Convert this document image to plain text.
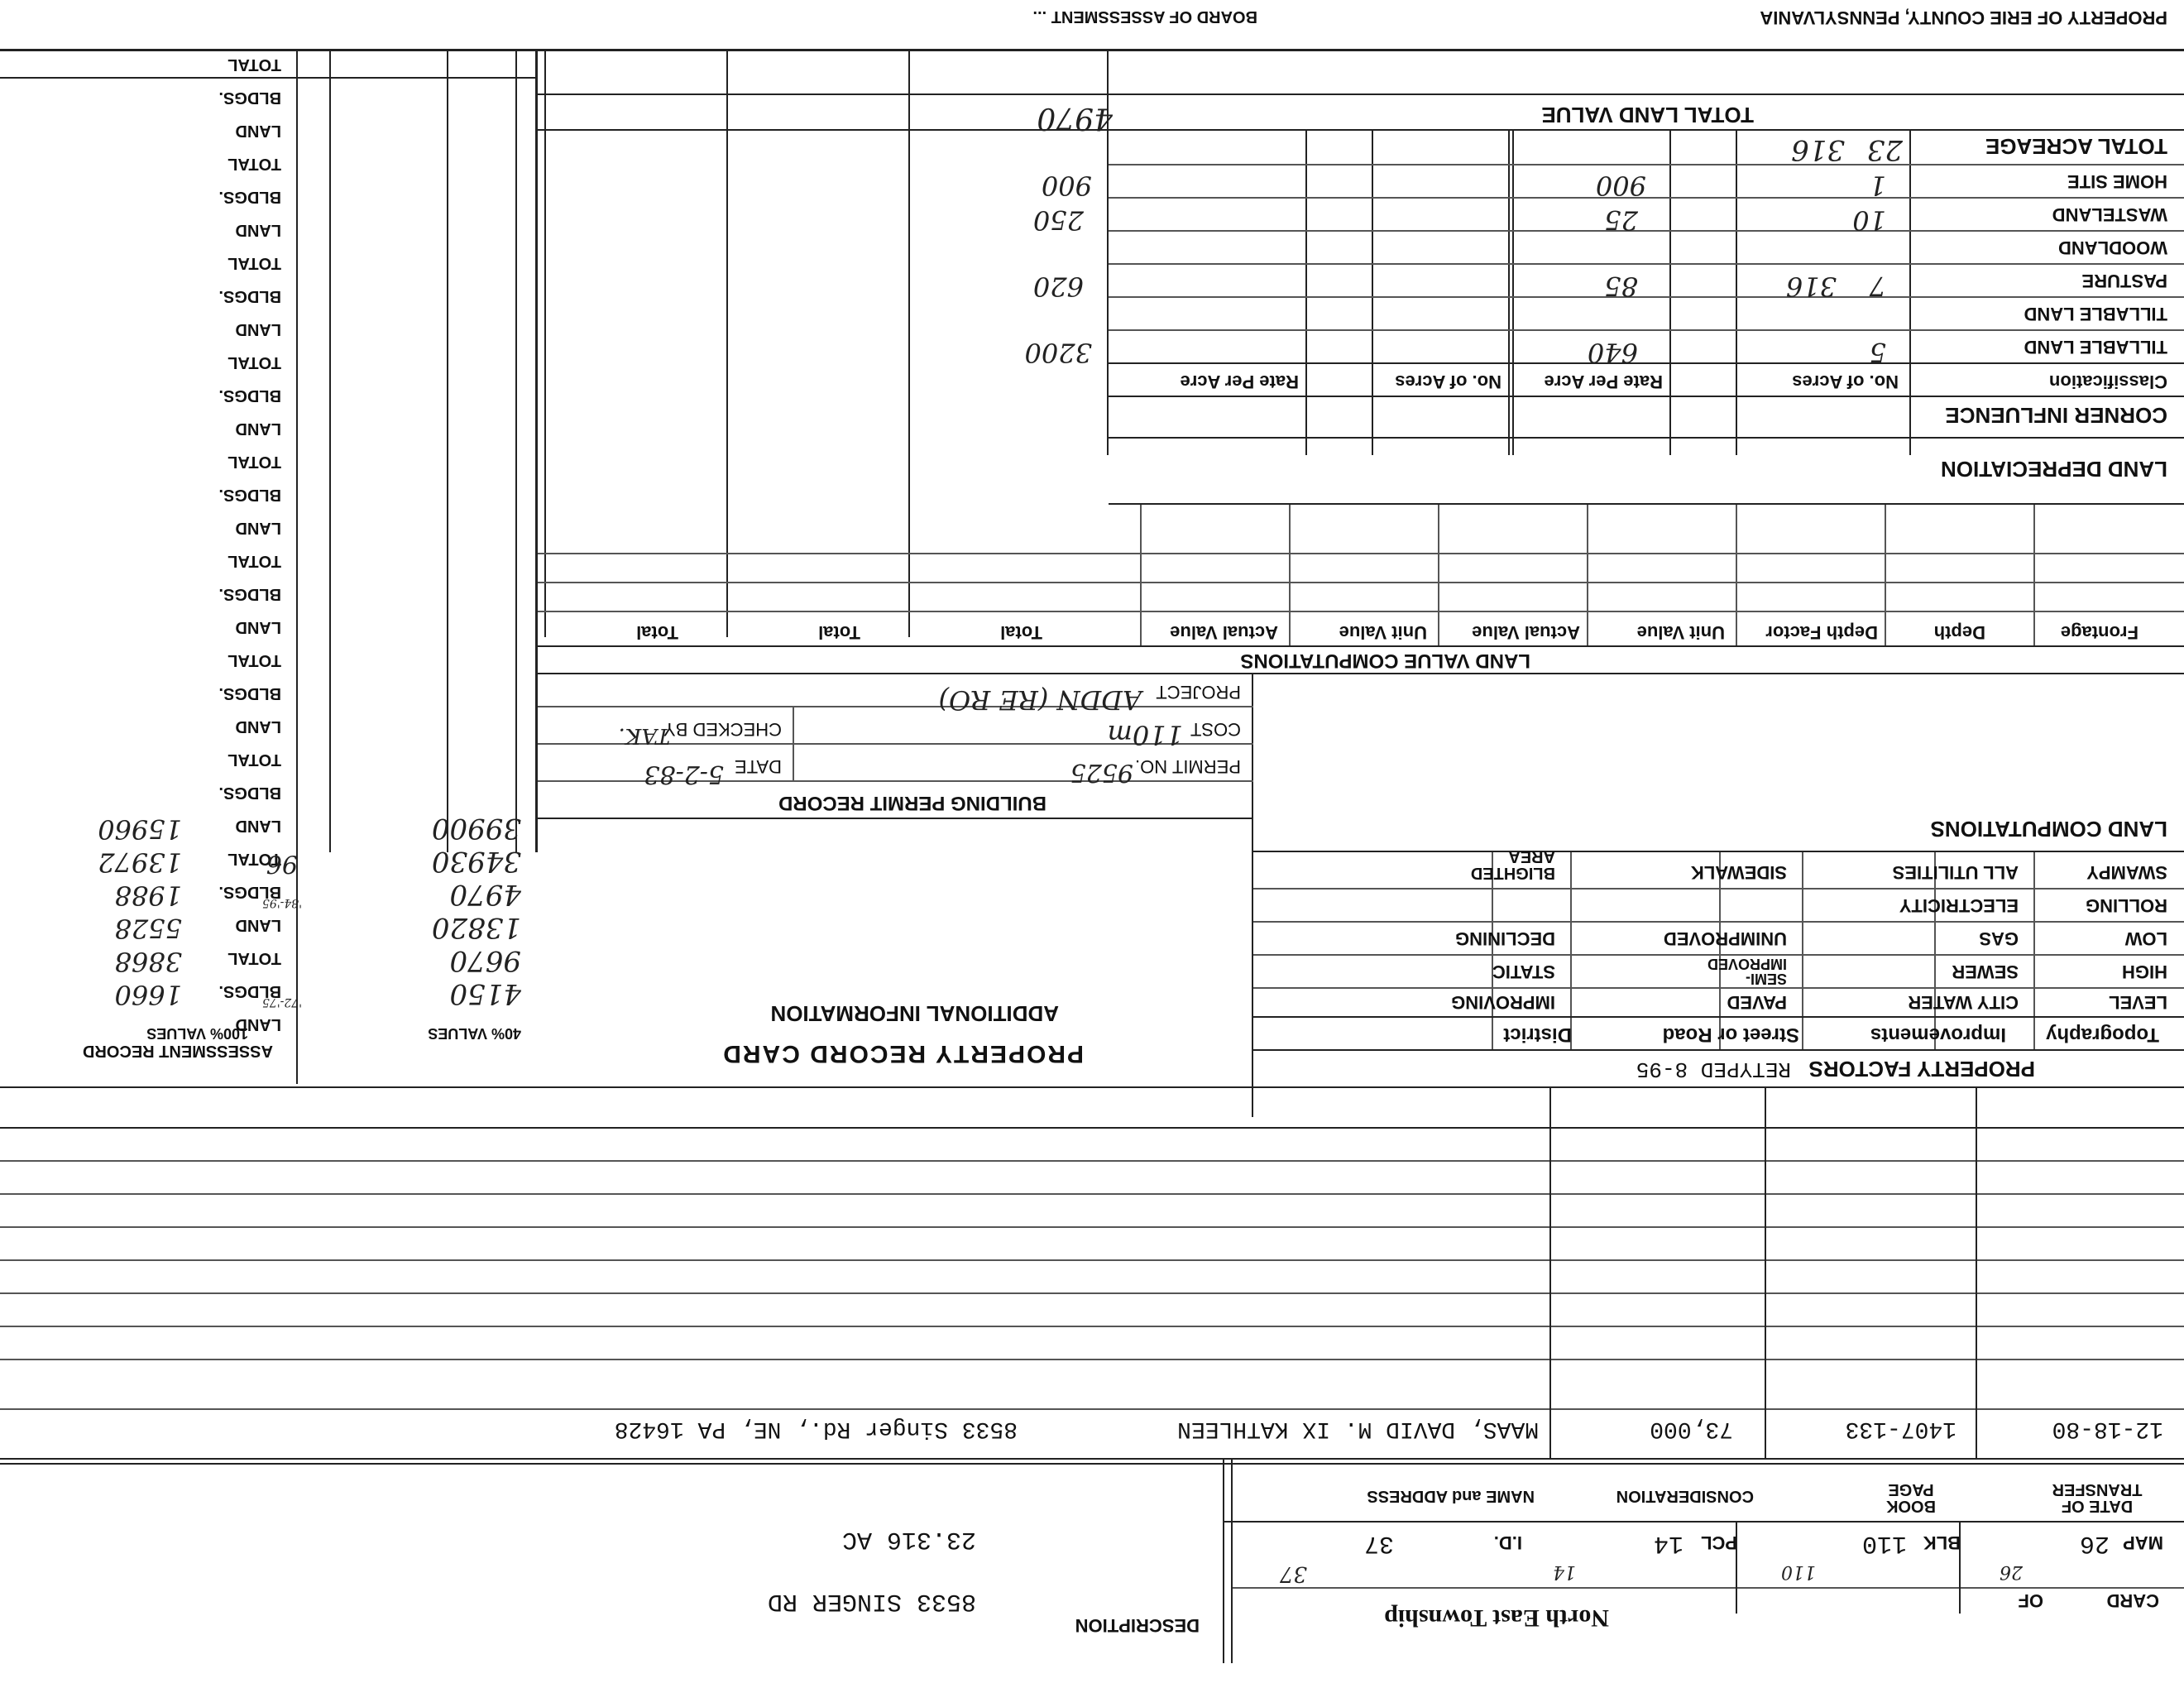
BOARD OF ASSESSMENT ...	PROPERTY OF ERIE COUNTY, PENNSYLVANIA
TOTAL LAND VALUE
4970
TOTAL ACREAGE
23
316
HOME SITE
1
900
900
WASTELAND
10
25
250
WOODLAND
PASTURE
7
316
85
620
TILLABLE LAND
TILLABLE LAND
5
640
3200
Classification
No. of Acres
Rate Per Acre
No. of Acres
Rate Per Acre
CORNER INFLUENCE
LAND DEPRECIATION
Frontage
Depth
Depth Factor
Unit Value
Actual Value
Unit Value
Actual Value
Total
Total
Total
LAND VALUE COMPUTATIONS
PROJECT
ADDN (RE RO)
COST
110m
CHECKED BY
TAK.
PERMIT NO.
9525
DATE
5-2-83
BUILDING PERMIT RECORD
LAND COMPUTATIONS
SWAMPY
ALL UTILITIES
SIDEWALK
BLIGHTED AREA
ROLLING
ELECTRICITY
LOW
GAS
UNIMPROVED
DECLINING
HIGH
SEWER
SEMI-IMPROVED
STATIC
LEVEL
CITY WATER
PAVED
IMPROVING
Topography
Improvements
Street or Road
District
PROPERTY FACTORS
RETYPED 8-95
PROPERTY RECORD CARD
ADDITIONAL INFORMATION
TOTAL
BLDGS.
LAND
TOTAL
BLDGS.
LAND
TOTAL
BLDGS.
LAND
TOTAL
BLDGS.
LAND
TOTAL
BLDGS.
LAND
TOTAL
BLDGS.
LAND
TOTAL
BLDGS.
LAND
TOTAL
BLDGS.
LAND
TOTAL
BLDGS.
LAND
TOTAL
BLDGS.
LAND
39900
34930
4970
13820
9670
4150
15960
13972
1988
5528
3868
1660
96
'84-'95
'72-'75
ASSESSMENT RECORD
100% VALUES	40% VALUES
12-18-80
1407-133
73,000
MAAS, DAVID M. IX KATHLEEN
8533 Singer Rd., NE, PA 16428
DATE OF TRANSFER
BOOK PAGE
CONSIDERATION
NAME and ADDRESS
MAP
26
26
BLK
110
110
PCL
14
14
I.D.
37
37
CARD
OF
North East Township
DESCRIPTION
23.316 AC
8533 SINGER RD
